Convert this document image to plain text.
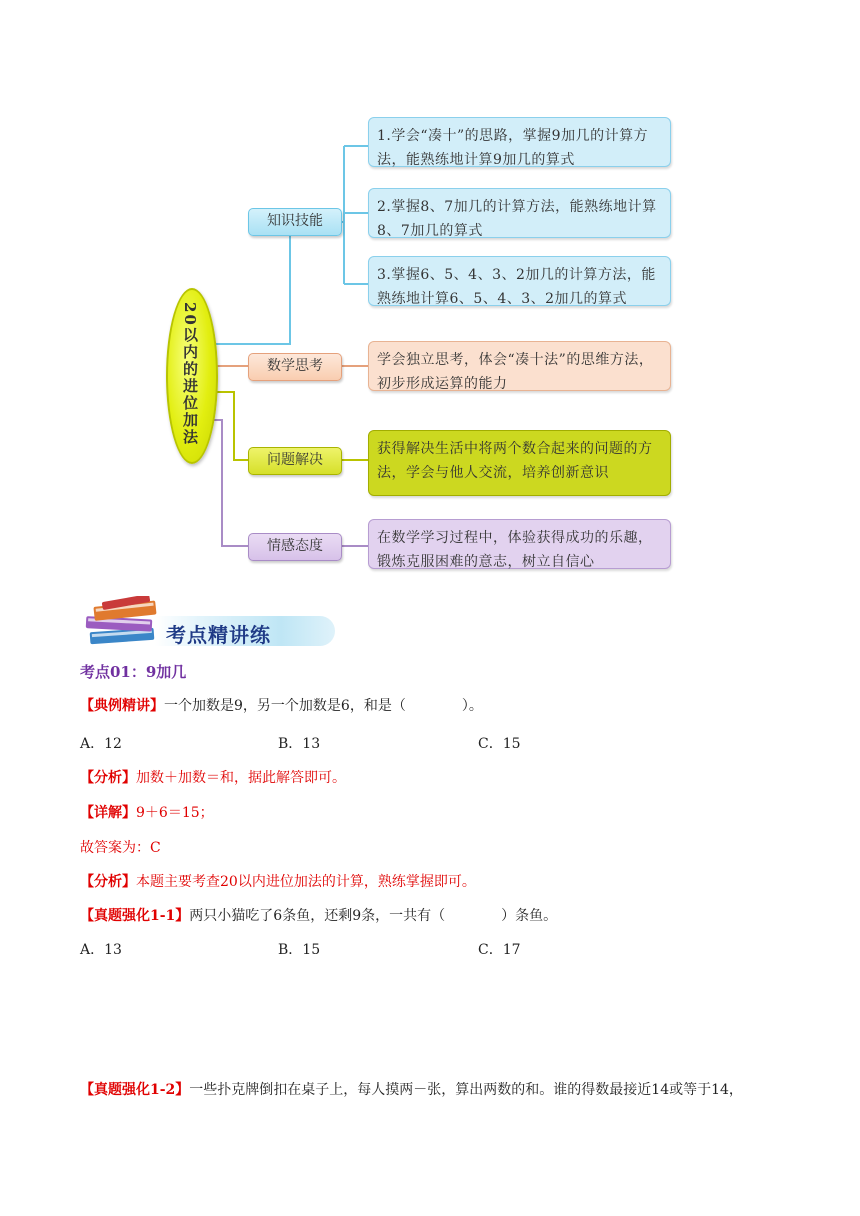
20以内的进位加法
知识技能
1.学会“凑十”的思路，掌握9加几的计算方法，能熟练地计算9加几的算式
2.掌握8、7加几的计算方法，能熟练地计算8、7加几的算式
3.掌握6、5、4、3、2加几的计算方法，能熟练地计算6、5、4、3、2加几的算式
数学思考	学会独立思考，体会“凑十法”的思维方法，初步形成运算的能力
问题解决
获得解决生活中将两个数合起来的问题的方法，学会与他人交流，培养创新意识
情感态度	在数学学习过程中，体验获得成功的乐趣，锻炼克服困难的意志，树立自信心
考点精讲练
考点01：9加几
【典例精讲】一个加数是9，另一个加数是6，和是（　　　　）。
A．12	B．13	C．15
【分析】加数＋加数＝和，据此解答即可。
【详解】9＋6＝15；
故答案为：C
【分析】本题主要考查20以内进位加法的计算，熟练掌握即可。
【真题强化1-1】两只小猫吃了6条鱼，还剩9条，一共有（　　　　）条鱼。
A．13	B．15	C．17
【真题强化1-2】一些扑克牌倒扣在桌子上，每人摸两－张，算出两数的和。谁的得数最接近14或等于14，
